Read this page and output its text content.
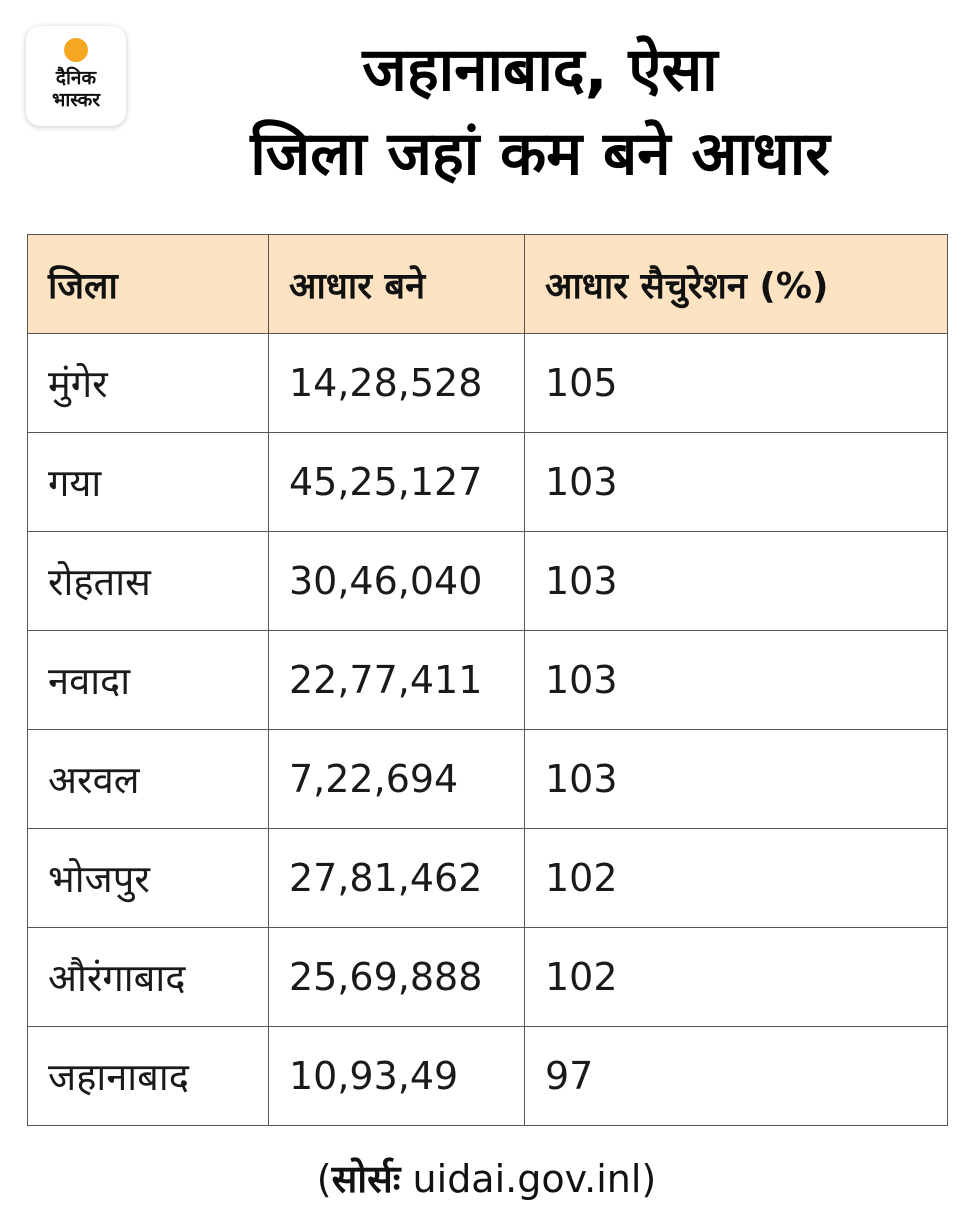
दैनिक
भास्कर	जहानाबाद, ऐसा
जिला जहां कम बने आधार
जिला	आधार बने	आधार सैचुरेशन (%)
मुंगेर	14,28,528	105
गया	45,25,127	103
रोहतास	30,46,040	103
नवादा	22,77,411	103
अरवल	7,22,694	103
भोजपुर	27,81,462	102
औरंगाबाद	25,69,888	102
जहानाबाद	10,93,49	97
(सोर्सः uidai.gov.inl)
